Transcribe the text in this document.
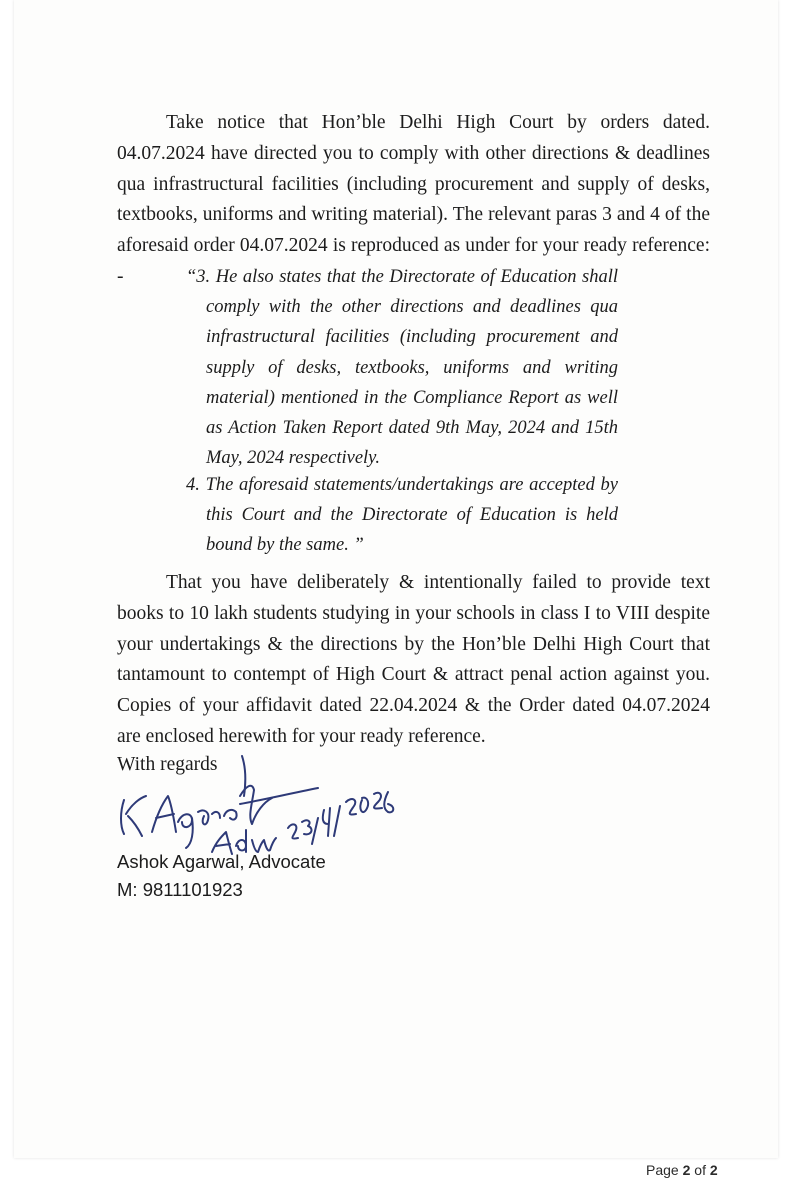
Take notice that Hon’ble Delhi High Court by orders dated. 04.07.2024 have directed you to comply with other directions & deadlines qua infrastructural facilities (including procurement and supply of desks, textbooks, uniforms and writing material). The relevant paras 3 and 4 of the aforesaid order 04.07.2024 is reproduced as under for your ready reference: -	“3. He also states that the Directorate of Education shall comply with the other directions and deadlines qua infrastructural facilities (including procurement and supply of desks, textbooks, uniforms and writing material) mentioned in the Compliance Report as well as Action Taken Report dated 9th May, 2024 and 15th May, 2024 respectively.

4. The aforesaid statements/undertakings are accepted by this Court and the Directorate of Education is held bound by the same. ”

That you have deliberately & intentionally failed to provide text books to 10 lakh students studying in your schools in class I to VIII despite your undertakings & the directions by the Hon’ble Delhi High Court that tantamount to contempt of High Court & attract penal action against you. Copies of your affidavit dated 22.04.2024 & the Order dated 04.07.2024 are enclosed herewith for your ready reference.

With regards

Ashok Agarwal, Advocate

M: 9811101923

Page 2 of 2
